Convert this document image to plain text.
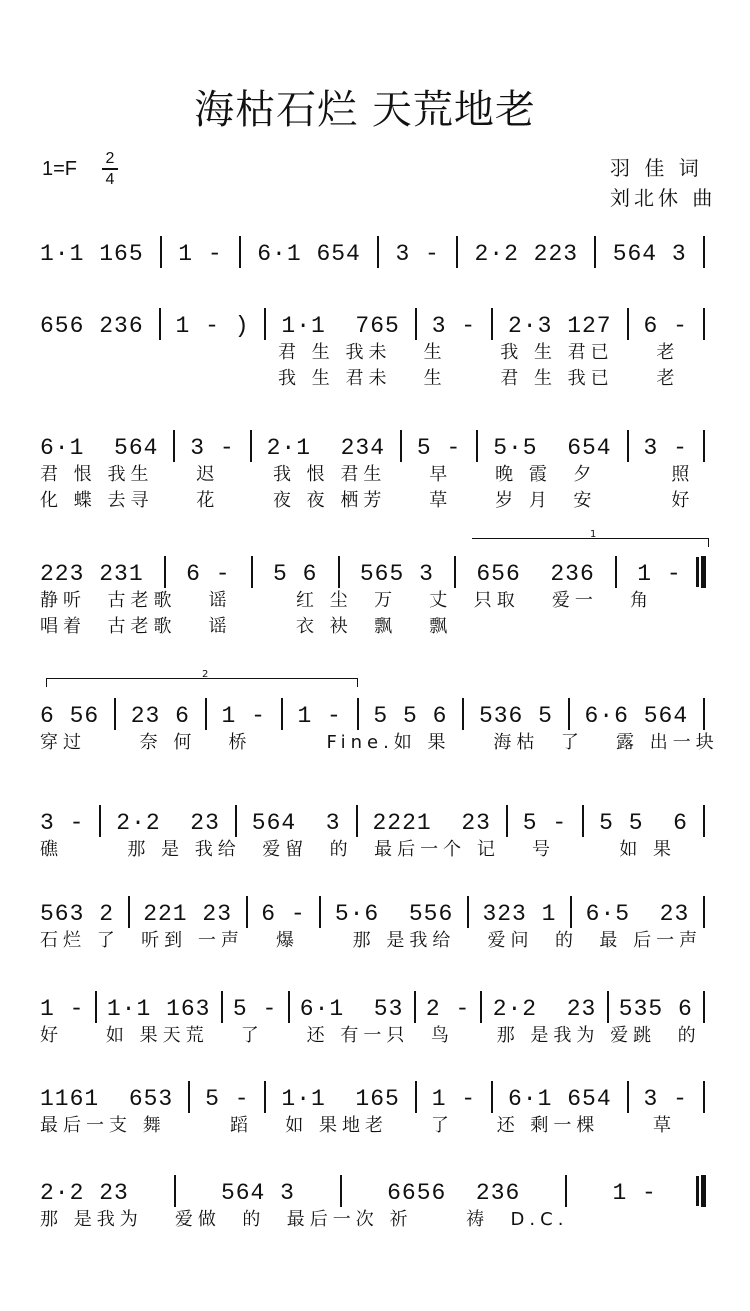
海枯石烂 天荒地老
1=F 2
4	羽 佳 词
刘北休 曲
1·1 165 1 - 6·1 654 3 - 2·2 223 564 3
656 236 1 - ) 1·1  765 3 - 2·3 127 6 -
君 生 我未   生     我 生 君已    老
我 生 君未   生     君 生 我已    老
6·1  564 3 - 2·1  234 5 - 5·5  654 3 -
君 恨 我生    迟     我 恨 君生    早    晚 霞  夕       照
化 蝶 去寻    花     夜 夜 栖芳    草    岁 月  安       好
1
223 231 6 - 5 6 565 3 656  236 1 -
静听  古老歌   谣      红 尘  万   丈  只取   爱一   角
唱着  古老歌   谣      衣 袂  飘   飘
2
6 56 23 6 1 - 1 - 5 5 6 536 5 6·6 564
穿过     奈 何   桥       Fine.如 果    海枯  了   露 出一块
3 - 2·2  23 564  3 2221  23 5 - 5 5  6
礁      那 是 我给  爱留  的  最后一个 记   号      如 果
563 2 221 23 6 - 5·6  556 323 1 6·5  23
石烂 了  听到 一声   爆     那 是我给   爱问  的  最 后一声
1 - 1·1 163 5 - 6·1  53 2 - 2·2  23 535 6
好    如 果天荒   了    还 有一只  鸟    那 是我为 爱跳  的
1161  653 5 - 1·1  165 1 - 6·1 654 3 -
最后一支 舞      蹈   如 果地老    了    还 剩一棵     草
2·2 23	564 3	6656  236	1 -
那 是我为   爱做  的  最后一次 祈     祷  D.C.
